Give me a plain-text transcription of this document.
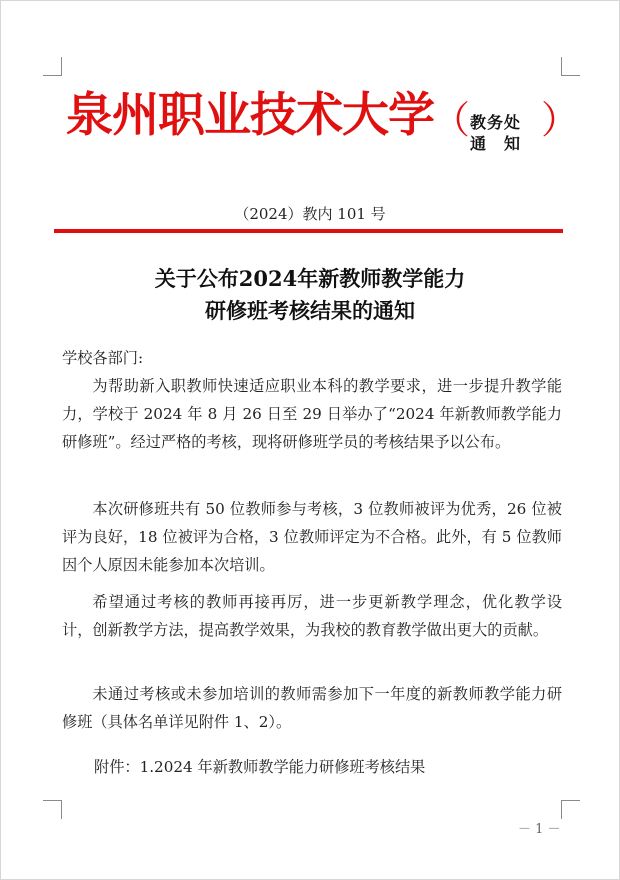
泉州职业技术大学
（ 教务处
通　知
）
（2024）教内 101 号
关于公布2024年新教师教学能力
研修班考核结果的通知

学校各部门:

为帮助新入职教师快速适应职业本科的教学要求，进一步提升教学能力，学校于 2024 年 8 月 26 日至 29 日举办了“2024 年新教师教学能力研修班”。经过严格的考核，现将研修班学员的考核结果予以公布。

本次研修班共有 50 位教师参与考核，3 位教师被评为优秀，26 位被评为良好，18 位被评为合格，3 位教师评定为不合格。此外，有 5 位教师因个人原因未能参加本次培训。

希望通过考核的教师再接再厉，进一步更新教学理念，优化教学设计，创新教学方法，提高教学效果，为我校的教育教学做出更大的贡献。

未通过考核或未参加培训的教师需参加下一年度的新教师教学能力研修班（具体名单详见附件 1、2）。

附件：1.2024 年新教师教学能力研修班考核结果
－ 1 －
